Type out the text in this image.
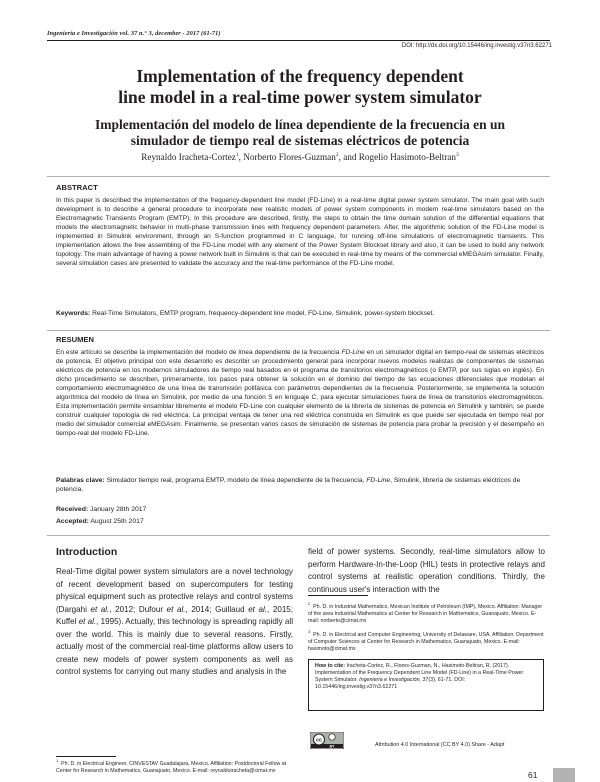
Ingeniería e Investigación vol. 37 n.° 3, december - 2017 (61-71)
DOI: http://dx.doi.org/10.15446/ing.investig.v37n3.62271
Implementation of the frequency dependent
line model in a real-time power system simulator
Implementación del modelo de línea dependiente de la frecuencia en un
simulador de tiempo real de sistemas eléctricos de potencia
Reynaldo Iracheta-Cortez$^1$, Norberto Flores-Guzman$^2$, and Rogelio Hasimoto-Beltran$^3$
ABSTRACT
In this paper is described the implementation of the frequency-dependent line model (FD-Line) in a real-time digital power system simulator. The main goal with such development is to describe a general procedure to incorporate new realistic models of power system components in modern real-time simulators based on the Electromagnetic Transients Program (EMTP). In this procedure are described, firstly, the steps to obtain the time domain solution of the differential equations that models the electromagnetic behavior in multi-phase transmission lines with frequency dependent parameters. After, the algorithmic solution of the FD-Line model is implemented in Simulink environment, through an S-function programmed in C language, for running off-line simulations of electromagnetic transients. This implementation allows the free assembling of the FD-Line model with any element of the Power System Blockset library and also, it can be used to build any network topology. The main advantage of having a power network built in Simulink is that can be executed in real-time by means of the commercial eMEGAsim simulator. Finally, several simulation cases are presented to validate the accuracy and the real-time performance of the FD-Line model.
Keywords: Real-Time Simulators, EMTP program, frequency-dependent line model, FD-Line, Simulink, power-system blockset.
RESUMEN
En este artículo se describe la implementación del modelo de línea dependiente de la frecuencia FD-Line en un simulador digital en tiempo-real de sistemas eléctricos de potencia. El objetivo principal con este desarrollo es describir un procedimiento general para incorporar nuevos modelos realistas de componentes de sistemas eléctricos de potencia en los modernos simuladores de tiempo real basados en el programa de transitorios electromagnéticos (o EMTP, por sus siglas en inglés). En dicho procedimiento se describen, primeramente, los pasos para obtener la solución en el dominio del tiempo de las ecuaciones diferenciales que modelan el comportamiento electromagnético de una línea de transmisión polifásica con parámetros dependientes de la frecuencia. Posteriormente, se implementa la solución algorítmica del modelo de línea en Simulink, por medio de una función S en lenguaje C, para ejecutar simulaciones fuera de línea de transitorios electromagnéticos. Esta implementación permite ensamblar libremente el modelo FD-Line con cualquier elemento de la librería de sistemas de potencia en Simulink y también, se puede construir cualquier topología de red eléctrica. La principal ventaja de tener una red eléctrica construida en Simulink es que puede ser ejecutada en tiempo real por medio del simulador comercial eMEGAsim. Finalmente, se presentan varios casos de simulación de sistemas de potencia para probar la precisión y el desempeño en tiempo-real del modelo FD-Line.
Palabras clave: Simulador tiempo real, programa EMTP, modelo de línea dependiente de la frecuencia, FD-Line, Simulink, librería de sistemas eléctricos de potencia.
Received: January 28th 2017
Accepted: August 25th 2017
Introduction
Real-Time digital power system simulators are a novel technology of recent development based on supercomputers for testing physical equipment such as protective relays and control systems (Dargahi et al., 2012; Dufour et al., 2014; Guillaud et al., 2015; Kuffel et al., 1995). Actually, this technology is spreading rapidly all over the world. This is mainly due to several reasons. Firstly, actually most of the commercial real-time platforms allow users to create new models of power system components as well as control systems for carrying out many studies and analysis in the
field of power systems. Secondly, real-time simulators allow to perform Hardware-In-the-Loop (HIL) tests in protective relays and control systems at realistic operation conditions. Thirdly, the continuous user's interaction with the
$^2$  Ph. D. in Industrial Mathematics, Mexican Institute of Petroleum (IMP), Mexico. Affiliation: Manager of the area Industrial Mathematics at Center for Research in Mathematics, Guanajuato, Mexico. E-mail: norberto@cimat.mx
$^3$  Ph. D. in Electrical and Computer Engineering, University of Delaware, USA. Affiliation: Department of Computer Sciences at Center for Research in Mathematics, Guanajuato, Mexico. E-mail: hasimoto@cimat.mx
How to cite: Iracheta-Cortez, R., Flores-Guzman, N., Hasimoto-Beltran, R. (2017). Implementation of the Frequency Dependent Line Model (FD-Line) in a Real-Time Power System Simulator. Ingeniería e Investigación, 37(3), 61-71. DOI: 10.15446/ing.investig.v37n3.62271
$^1$  Ph. D. in Electrical Engineer, CINVESTAV Guadalajara, Mexico. Affiliation: Postdoctoral Fellow at Center for Research in Mathematics, Guanajuato, Mexico. E-mail: reynaldoiracheta@cimat.mx
cc
BY	Attribution 4.0 International (CC BY 4.0) Share - Adapt
61
